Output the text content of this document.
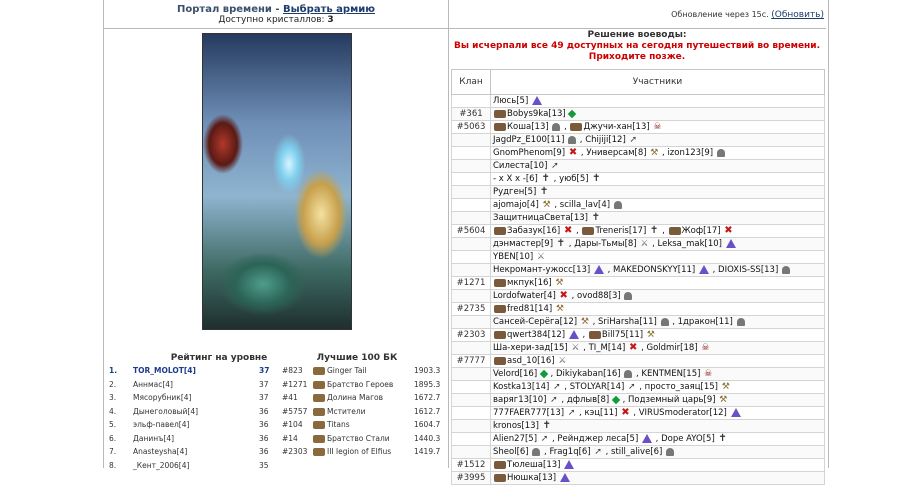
Портал времени - Выбрать армию
Доступно кристаллов: 3
Обновление через 15с. (Обновить)
Решение воеводы:
Вы исчерпали все 49 доступных на сегодня путешествий во времени.
Приходите позже.
Рейтинг на уровне	Лучшие 100 БК
1.	TOR_MOLOT[4]	37
2.	Аннмас[4]	37
3.	Мясорубник[4]	37
4.	Дынеголовый[4]	36
5.	эльф-павел[4]	36
6.	Данинъ[4]	36
7.	Anasteysha[4]	36
8.	_Кент_2006[4]	35
#823	Ginger Tail	1903.3
#1271	Братство Героев	1895.3
#41	Долина Магов	1672.7
#5757	Мстители	1612.7
#104	Titans	1604.7
#14	Братство Стали	1440.3
#2303	III legion of Elfius	1419.7
Клан	Участники
	Люсь[5]
#361	Bobys9ka[13]
#5063	Коша[13]  , Джучи-хан[13] ☠
	JagdPz_E100[11]  , Chijiji[12] ➚
	GnomPhenom[9] ✖ , Универсам[8] ⚒ , izon123[9]
	Силеста[10] ➚
	- x X x -[6] ✝ , уюб[5] ✝
	Рудген[5] ✝
	ajomajo[4] ⚒ , scilla_lav[4]
	ЗащитницаСвета[13] ✝
#5604	Забазук[16] ✖ , Treneris[17] ✝ , Жоф[17] ✖
	дэнмастер[9] ✝ , Дары-Тьмы[8] ⚔ , Leksa_mak[10]
	YBEN[10] ⚔
	Некромант-ужосс[13]  , MAKEDONSKYY[11]  , DIOXIS-SS[13]
#1271	мкпук[16] ⚒
	Lordofwater[4] ✖ , ovod88[3]
#2735	fred81[14] ⚒
	Сансей-Серёга[12] ⚒ , SriHarsha[11]  , 1дракон[11]
#2303	qwert384[12]  , Bill75[11] ⚒
	Ша-хери-зад[15] ⚔ , TI_M[14] ✖ , Goldmir[18] ☠
#7777	asd_10[16] ⚔
	Velord[16]  , Dikiykaban[16]  , KENTMEN[15] ☠
	Kostka13[14] ➚ , STOLYAR[14] ➚ , просто_заяц[15] ⚒
	варяг13[10] ➚ , дфлыв[8]  , Подземный царь[9] ⚒
	777FAER777[13] ➚ , кэц[11] ✖ , VIRUSmoderator[12]
	kronos[13] ✝
	Alien27[5] ➚ , Рейнджер леса[5]  , Dope AYO[5] ✝
	Sheol[6]  , Frag1q[6] ➚ , still_alive[6]
#1512	Тюлеша[13]
#3995	Нюшка[13]
